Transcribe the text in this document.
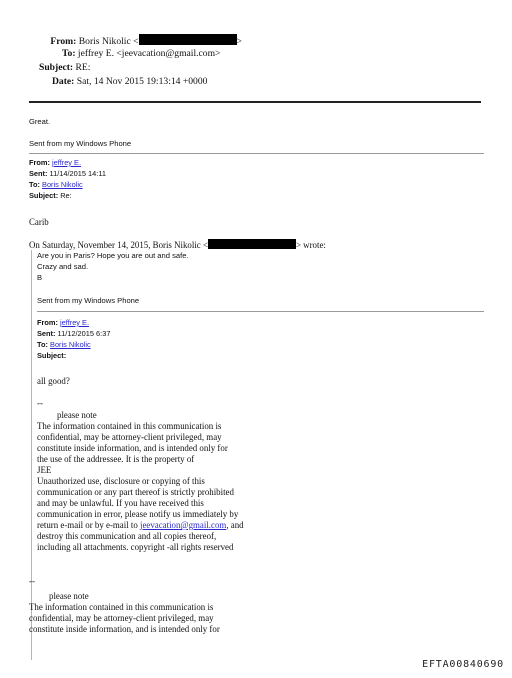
From: Boris Nikolic <	>
To: jeffrey E. <jeevacation@gmail.com>
Subject: RE:
Date: Sat, 14 Nov 2015 19:13:14 +0000
Great.
Sent from my Windows Phone
From: jeffrey E.
Sent: 11/14/2015 14:11
To: Boris Nikolic
Subject: Re:
Carib
On Saturday, November 14, 2015, Boris Nikolic <	> wrote:
Are you in Paris? Hope you are out and safe.
Crazy and sad.
B
Sent from my Windows Phone
From: jeffrey E.
Sent: 11/12/2015 6:37
To: Boris Nikolic
Subject:
all good?
--
please note
The information contained in this communication is
confidential, may be attorney-client privileged, may
constitute inside information, and is intended only for
the use of the addressee. It is the property of
JEE
Unauthorized use, disclosure or copying of this
communication or any part thereof is strictly prohibited
and may be unlawful. If you have received this
communication in error, please notify us immediately by
return e-mail or by e-mail to jeevacation@gmail.com, and
destroy this communication and all copies thereof,
including all attachments. copyright -all rights reserved
--
please note
The information contained in this communication is
confidential, may be attorney-client privileged, may
constitute inside information, and is intended only for
EFTA00840690
